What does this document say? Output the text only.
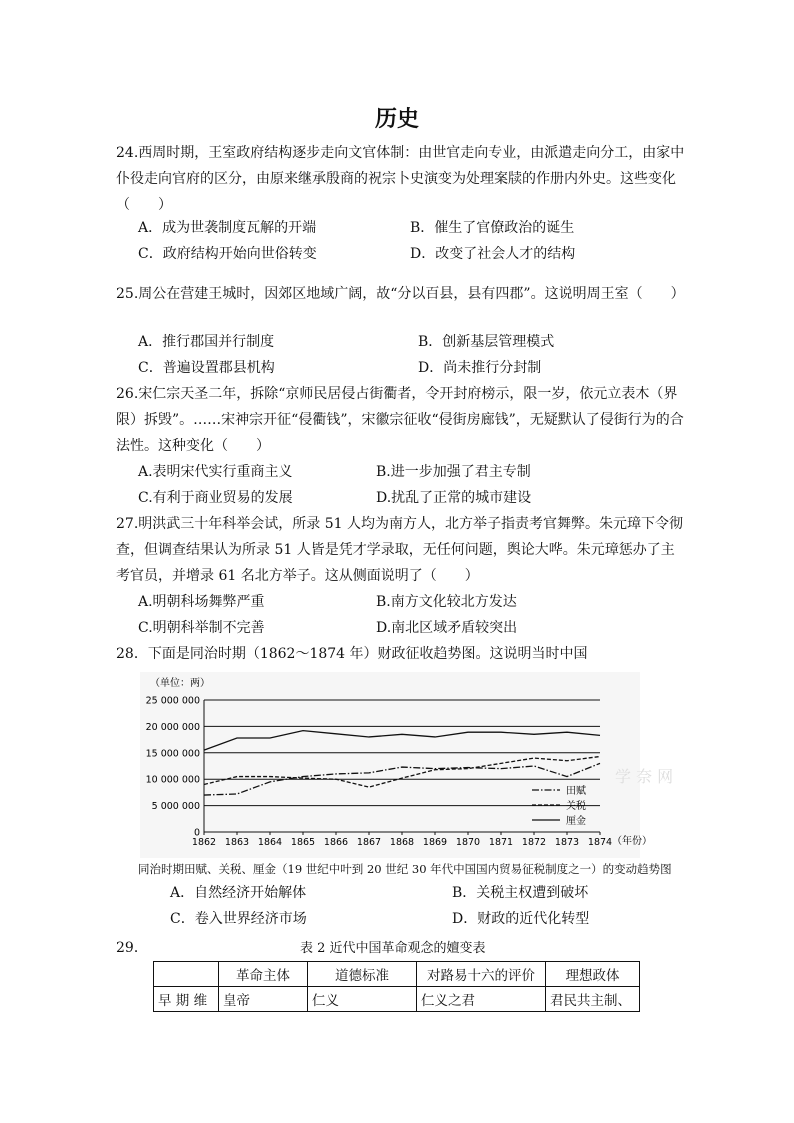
历史
24.西周时期，王室政府结构逐步走向文官体制：由世官走向专业，由派遣走向分工，由家中仆役走向官府的区分，由原来继承殷商的祝宗卜史演变为处理案牍的作册内外史。这些变化（　　）
A．成为世袭制度瓦解的开端	B．催生了官僚政治的诞生
C．政府结构开始向世俗转变	D．改变了社会人才的结构
25.周公在营建王城时，因郊区地域广阔，故“分以百县，县有四郡”。这说明周王室（　　）
A．推行郡国并行制度	B．创新基层管理模式
C．普遍设置郡县机构	D．尚未推行分封制
26.宋仁宗天圣二年，拆除“京师民居侵占街衢者，令开封府榜示，限一岁，依元立表木（界限）拆毁”。……宋神宗开征“侵衢钱”，宋徽宗征收“侵街房廊钱”，无疑默认了侵街行为的合法性。这种变化（　　）
A.表明宋代实行重商主义	B.进一步加强了君主专制
C.有利于商业贸易的发展	D.扰乱了正常的城市建设
27.明洪武三十年科举会试，所录 51 人均为南方人，北方举子指责考官舞弊。朱元璋下令彻查，但调查结果认为所录 51 人皆是凭才学录取，无任何问题，舆论大哗。朱元璋惩办了主考官员，并增录 61 名北方举子。这从侧面说明了（　　）
A.明朝科场舞弊严重	B.南方文化较北方发达
C.明朝科举制不完善	D.南北区域矛盾较突出
28．下面是同治时期（1862～1874 年）财政征收趋势图。这说明当时中国
（单位：两）
0
5 000 000
10 000 000
15 000 000
20 000 000
25 000 000
1862 1863 1864 1865 1866 1867 1868 1869 1870 1871 1872 1873 1874 （年份）
田赋
关税
厘金
学 奈 网
同治时期田赋、关税、厘金（19 世纪中叶到 20 世纪 30 年代中国国内贸易征税制度之一）的变动趋势图
A．自然经济开始解体	B．关税主权遭到破坏
C．卷入世界经济市场	D．财政的近代化转型
29．	表 2 近代中国革命观念的嬗变表
	革命主体	道德标准	对路易十六的评价	理想政体
早 期 维	皇帝	仁义	仁义之君	君民共主制、
